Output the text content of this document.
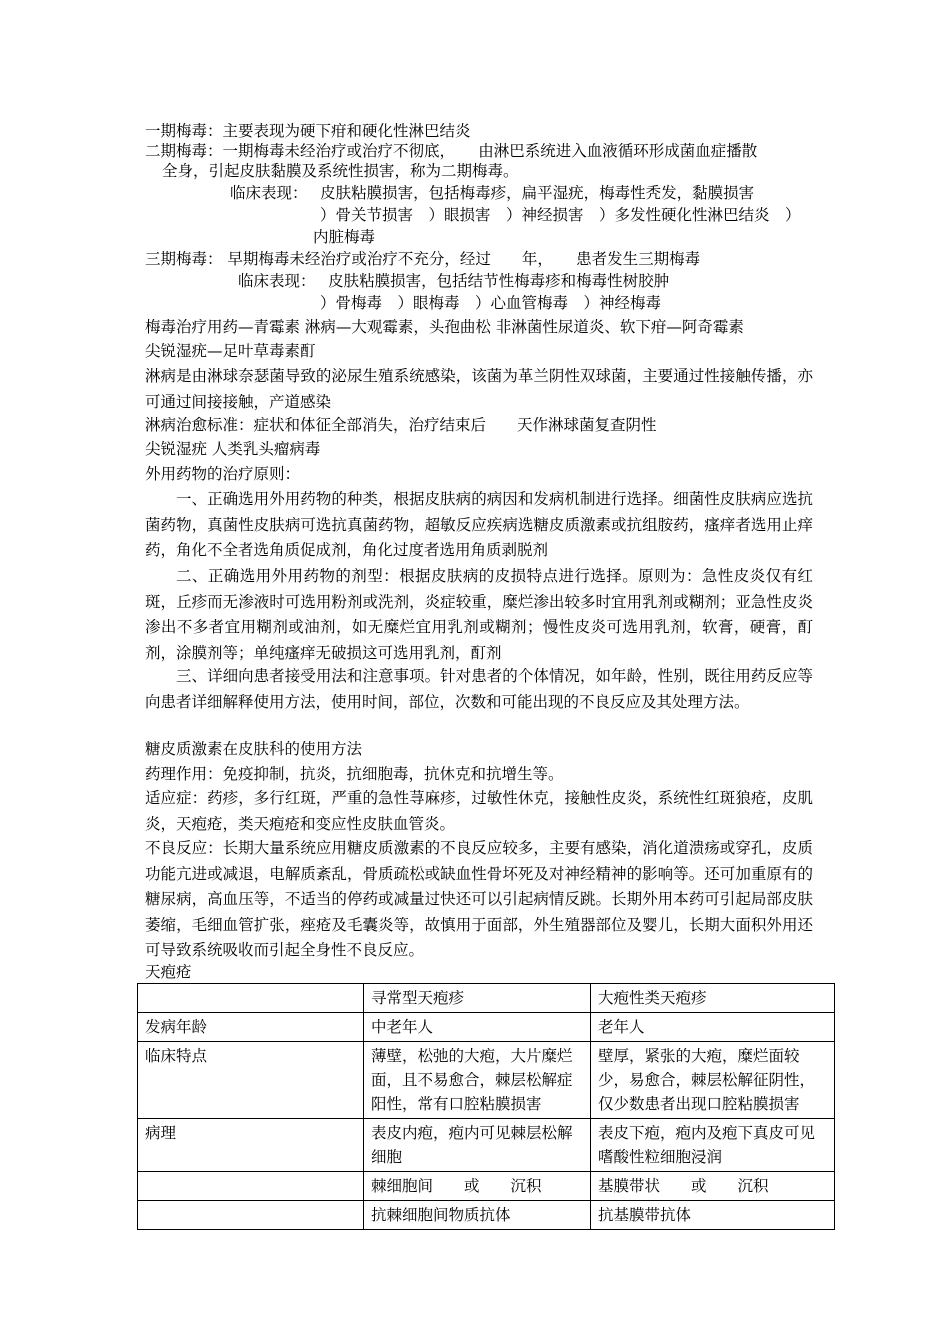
一期梅毒：主要表现为硬下疳和硬化性淋巴结炎
二期梅毒：一期梅毒未经治疗或治疗不彻底，　　由淋巴系统进入血液循环形成菌血症播散
全身，引起皮肤黏膜及系统性损害，称为二期梅毒。
临床表现：　 皮肤粘膜损害，包括梅毒疹，扁平湿疣，梅毒性秃发，黏膜损害
）骨关节损害　）眼损害　）神经损害　）多发性硬化性淋巴结炎　）
内脏梅毒
三期梅毒： 早期梅毒未经治疗或治疗不充分，经过　　年，　　患者发生三期梅毒
临床表现：　 皮肤粘膜损害，包括结节性梅毒疹和梅毒性树胶肿
）骨梅毒　）眼梅毒　）心血管梅毒　）神经梅毒
梅毒治疗用药—青霉素 淋病—大观霉素，头孢曲松 非淋菌性尿道炎、软下疳—阿奇霉素
尖锐湿疣—足叶草毒素酊
淋病是由淋球奈瑟菌导致的泌尿生殖系统感染，该菌为革兰阴性双球菌，主要通过性接触传播，亦可通过间接接触，产道感染
淋病治愈标准：症状和体征全部消失，治疗结束后　　天作淋球菌复查阴性
尖锐湿疣 人类乳头瘤病毒
外用药物的治疗原则：
一、正确选用外用药物的种类，根据皮肤病的病因和发病机制进行选择。细菌性皮肤病应选抗菌药物，真菌性皮肤病可选抗真菌药物，超敏反应疾病选糖皮质激素或抗组胺药，瘙痒者选用止痒药，角化不全者选角质促成剂，角化过度者选用角质剥脱剂
二、正确选用外用药物的剂型：根据皮肤病的皮损特点进行选择。原则为：急性皮炎仅有红斑，丘疹而无渗液时可选用粉剂或洗剂，炎症较重，糜烂渗出较多时宜用乳剂或糊剂；亚急性皮炎渗出不多者宜用糊剂或油剂，如无糜烂宜用乳剂或糊剂；慢性皮炎可选用乳剂，软膏，硬膏，酊剂，涂膜剂等；单纯瘙痒无破损这可选用乳剂，酊剂
三、详细向患者接受用法和注意事项。针对患者的个体情况，如年龄，性别，既往用药反应等向患者详细解释使用方法，使用时间，部位，次数和可能出现的不良反应及其处理方法。
糖皮质激素在皮肤科的使用方法
药理作用：免疫抑制，抗炎，抗细胞毒，抗休克和抗增生等。
适应症：药疹，多行红斑，严重的急性荨麻疹，过敏性休克，接触性皮炎，系统性红斑狼疮，皮肌炎，天疱疮，类天疱疮和变应性皮肤血管炎。
不良反应：长期大量系统应用糖皮质激素的不良反应较多，主要有感染，消化道溃疡或穿孔，皮质功能亢进或减退，电解质紊乱，骨质疏松或缺血性骨坏死及对神经精神的影响等。还可加重原有的糖尿病，高血压等，不适当的停药或减量过快还可以引起病情反跳。长期外用本药可引起局部皮肤萎缩，毛细血管扩张，痤疮及毛囊炎等，故慎用于面部，外生殖器部位及婴儿，长期大面积外用还可导致系统吸收而引起全身性不良反应。
天疱疮
	寻常型天疱疹	大疱性类天疱疹
发病年龄	中老年人	老年人
临床特点	薄壁，松弛的大疱，大片糜烂面，且不易愈合，棘层松解症阳性，常有口腔粘膜损害	壁厚，紧张的大疱，糜烂面较少，易愈合，棘层松解征阴性，仅少数患者出现口腔粘膜损害
病理	表皮内疱，疱内可见棘层松解细胞	表皮下疱，疱内及疱下真皮可见嗜酸性粒细胞浸润
	棘细胞间　　或　　沉积	基膜带状　　或　　沉积
	抗棘细胞间物质抗体	抗基膜带抗体
